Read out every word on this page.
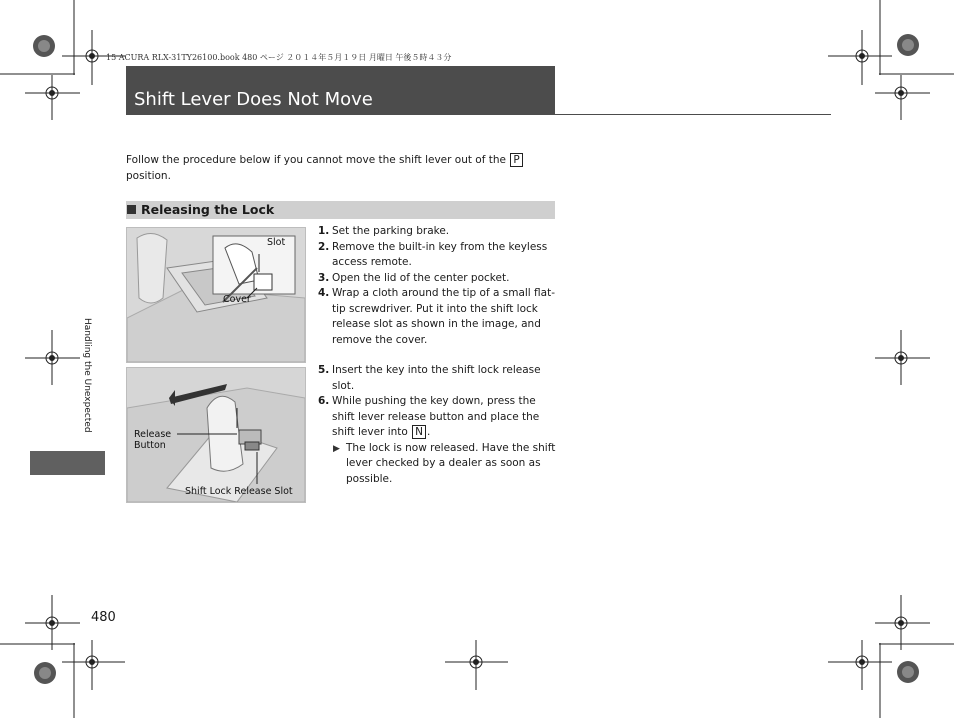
15 ACURA RLX-31TY26100.book 480 ページ ２０１４年５月１９日 月曜日 午後５時４３分
Shift Lever Does Not Move
Follow the procedure below if you cannot move the shift lever out of the P
position.
Releasing the Lock
Slot
Cover
Release
Button
Shift Lock Release Slot
1. Set the parking brake.
2. Remove the built-in key from the keyless access remote.
3. Open the lid of the center pocket.
4. Wrap a cloth around the tip of a small flat-tip screwdriver. Put it into the shift lock release slot as shown in the image, and remove the cover.
5. Insert the key into the shift lock release slot.
6. While pushing the key down, press the shift lever release button and place the shift lever into N .
▶ The lock is now released. Have the shift lever checked by a dealer as soon as possible.
Handling the Unexpected
480
